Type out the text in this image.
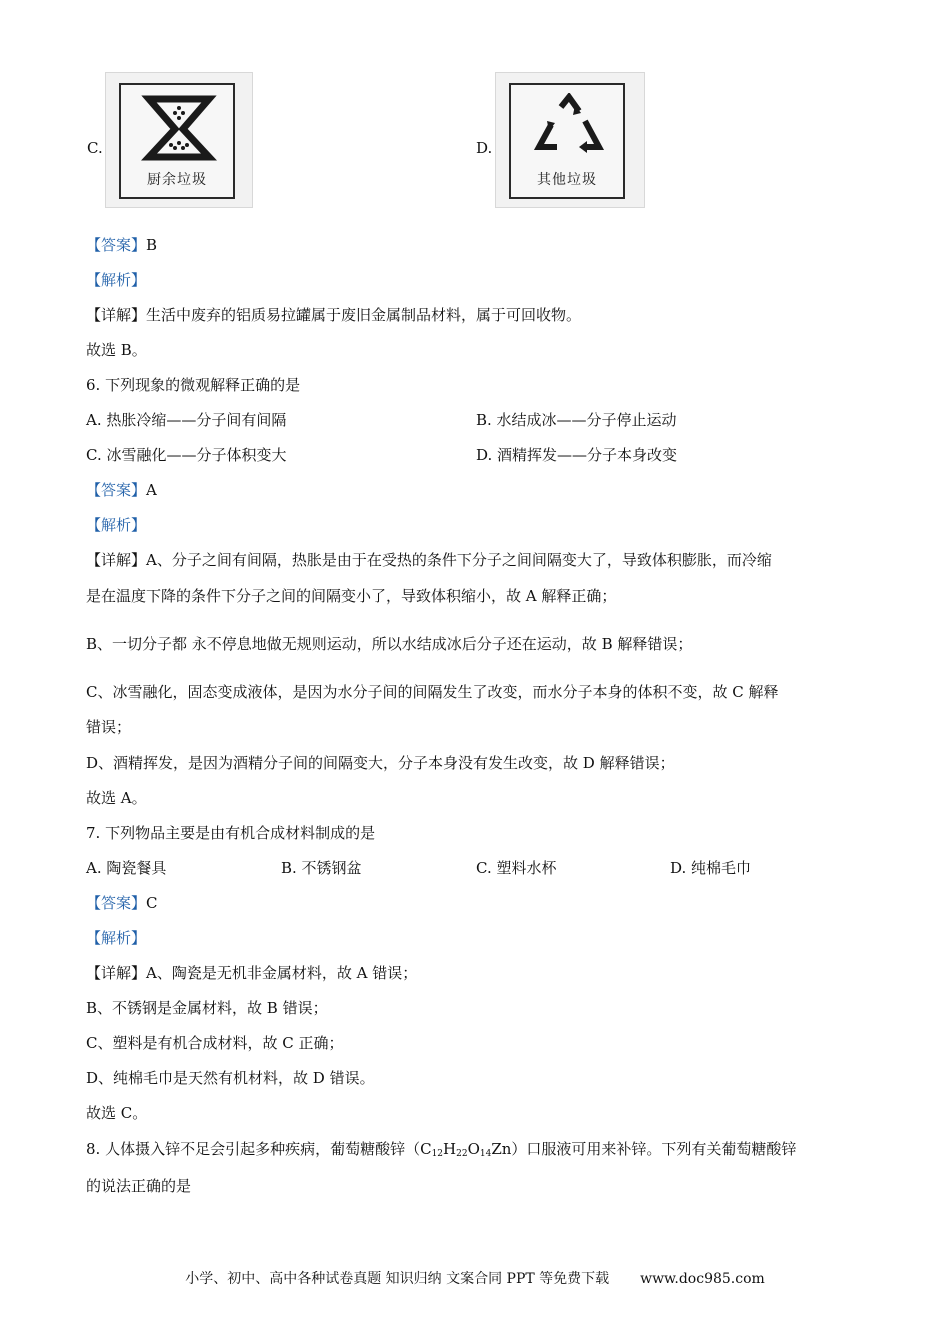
C.
厨余垃圾
D.
其他垃圾
【答案】B
【解析】
【详解】生活中废弃的铝质易拉罐属于废旧金属制品材料，属于可回收物。
故选 B。
6. 下列现象的微观解释正确的是
A. 热胀冷缩——分子间有间隔	B. 水结成冰——分子停止运动
C. 冰雪融化——分子体积变大	D. 酒精挥发——分子本身改变
【答案】A
【解析】
【详解】A、分子之间有间隔，热胀是由于在受热的条件下分子之间间隔变大了，导致体积膨胀，而冷缩
是在温度下降的条件下分子之间的间隔变小了，导致体积缩小，故 A 解释正确；
B、一切分子都 永不停息地做无规则运动，所以水结成冰后分子还在运动，故 B 解释错误；
C、冰雪融化，固态变成液体，是因为水分子间的间隔发生了改变，而水分子本身的体积不变，故 C 解释
错误；
D、酒精挥发，是因为酒精分子间的间隔变大，分子本身没有发生改变，故 D 解释错误；
故选 A。
7. 下列物品主要是由有机合成材料制成的是
A. 陶瓷餐具	B. 不锈钢盆	C. 塑料水杯	D. 纯棉毛巾
【答案】C
【解析】
【详解】A、陶瓷是无机非金属材料，故 A 错误；
B、不锈钢是金属材料，故 B 错误；
C、塑料是有机合成材料，故 C 正确；
D、纯棉毛巾是天然有机材料，故 D 错误。
故选 C。
8. 人体摄入锌不足会引起多种疾病，葡萄糖酸锌$(C_{12}H_{22}O_{14}Zn)$口服液可用来补锌。下列有关葡萄糖酸锌
的说法正确的是
小学、初中、高中各种试卷真题 知识归纳 文案合同 PPT 等免费下载 www.doc985.com
